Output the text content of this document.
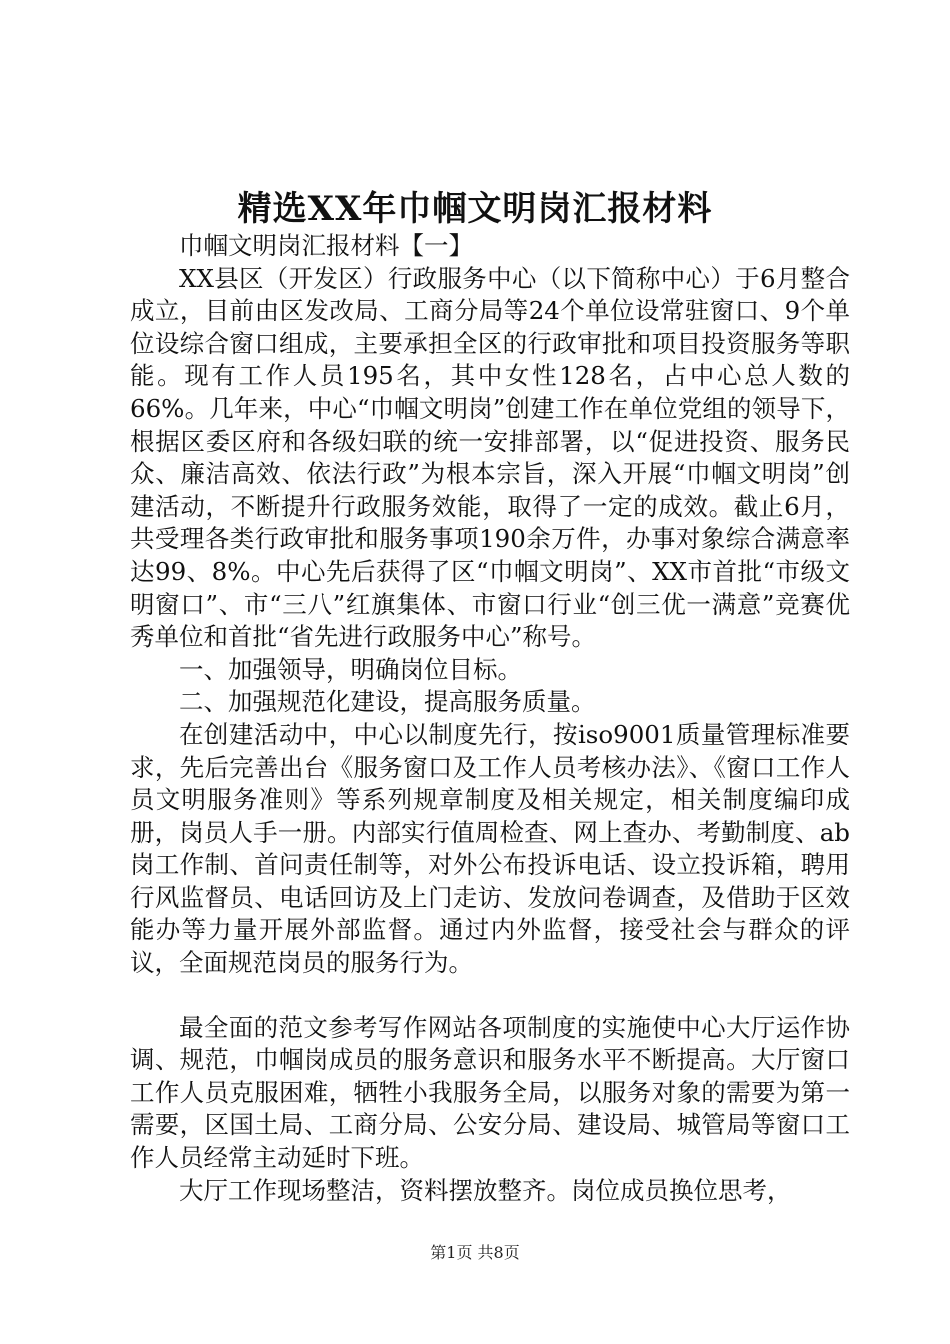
精选XX年巾帼文明岗汇报材料

巾帼文明岗汇报材料【一】

XX县区（开发区）行政服务中心（以下简称中心）于6月整合成立，目前由区发改局、工商分局等24个单位设常驻窗口、9个单位设综合窗口组成，主要承担全区的行政审批和项目投资服务等职能。现有工作人员195名，其中女性128名，占中心总人数的66%。几年来，中心“巾帼文明岗”创建工作在单位党组的领导下，根据区委区府和各级妇联的统一安排部署，以“促进投资、服务民众、廉洁高效、依法行政”为根本宗旨，深入开展“巾帼文明岗”创建活动，不断提升行政服务效能，取得了一定的成效。截止6月，共受理各类行政审批和服务事项190余万件，办事对象综合满意率达99、8%。中心先后获得了区“巾帼文明岗”、XX市首批“市级文明窗口”、市“三八”红旗集体、市窗口行业“创三优一满意”竞赛优秀单位和首批“省先进行政服务中心”称号。

一、加强领导，明确岗位目标。

二、加强规范化建设，提高服务质量。

在创建活动中，中心以制度先行，按iso9001质量管理标准要求，先后完善出台《服务窗口及工作人员考核办法》、《窗口工作人员文明服务准则》等系列规章制度及相关规定，相关制度编印成册，岗员人手一册。内部实行值周检查、网上查办、考勤制度、ab岗工作制、首问责任制等，对外公布投诉电话、设立投诉箱，聘用行风监督员、电话回访及上门走访、发放问卷调查，及借助于区效能办等力量开展外部监督。通过内外监督，接受社会与群众的评议，全面规范岗员的服务行为。

最全面的范文参考写作网站各项制度的实施使中心大厅运作协调、规范，巾帼岗成员的服务意识和服务水平不断提高。大厅窗口工作人员克服困难，牺牲小我服务全局，以服务对象的需要为第一需要，区国土局、工商分局、公安分局、建设局、城管局等窗口工作人员经常主动延时下班。

大厅工作现场整洁，资料摆放整齐。岗位成员换位思考，

第1页 共8页
